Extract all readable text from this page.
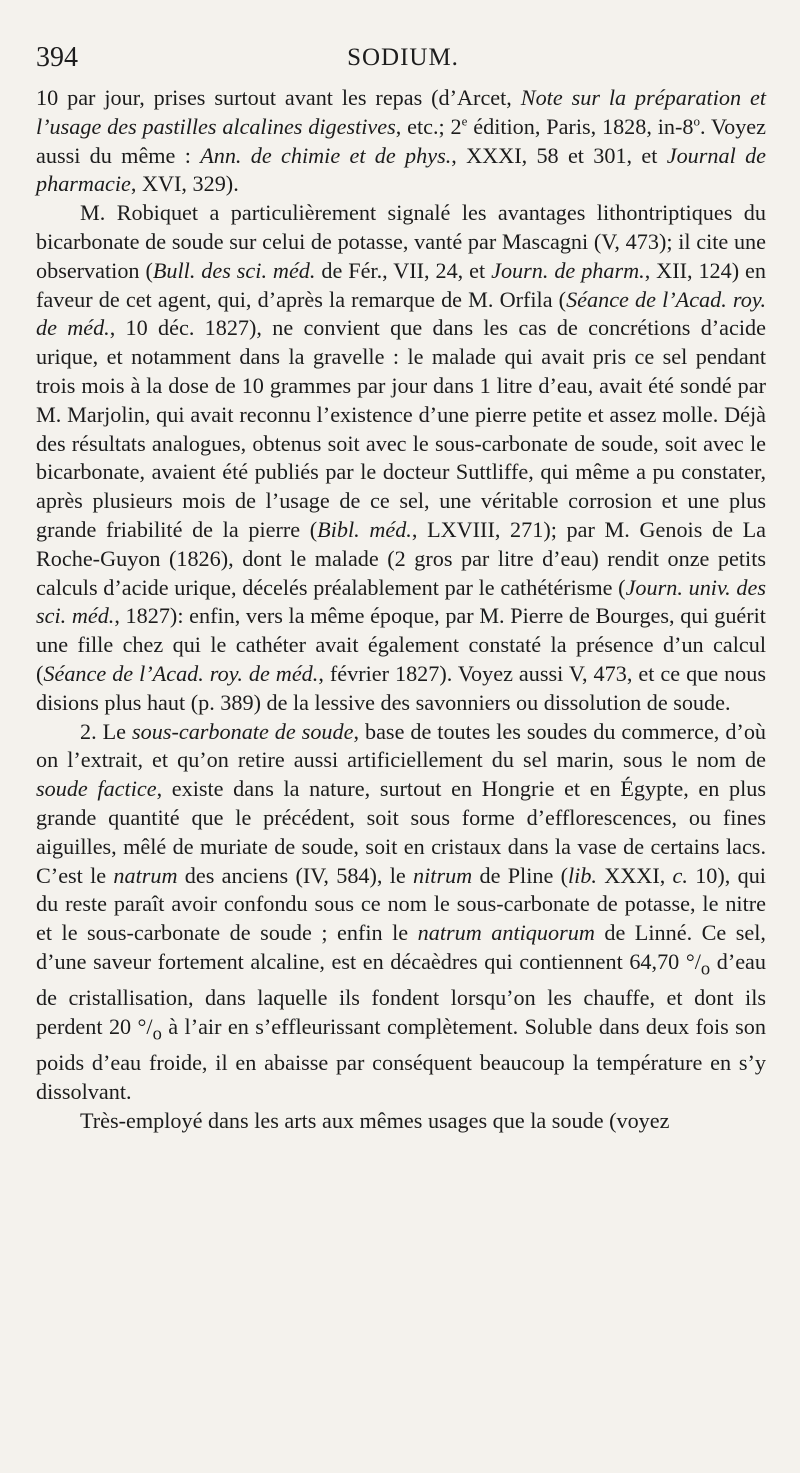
394	SODIUM.

10 par jour, prises surtout avant les repas (d’Arcet, Note sur la préparation et l’usage des pastilles alcalines digestives, etc.; 2e édition, Paris, 1828, in-8$^o$. Voyez aussi du même : Ann. de chimie et de phys., XXXI, 58 et 301, et Journal de pharmacie, XVI, 329).

M. Robiquet a particulièrement signalé les avantages lithontriptiques du bicarbonate de soude sur celui de potasse, vanté par Mascagni (V, 473); il cite une observation (Bull. des sci. méd. de Fér., VII, 24, et Journ. de pharm., XII, 124) en faveur de cet agent, qui, d’après la remarque de M. Orfila (Séance de l’Acad. roy. de méd., 10 déc. 1827), ne convient que dans les cas de concrétions d’acide urique, et notamment dans la gravelle : le malade qui avait pris ce sel pendant trois mois à la dose de 10 grammes par jour dans 1 litre d’eau, avait été sondé par M. Marjolin, qui avait reconnu l’existence d’une pierre petite et assez molle. Déjà des résultats analogues, obtenus soit avec le sous-carbonate de soude, soit avec le bicarbonate, avaient été publiés par le docteur Suttliffe, qui même a pu constater, après plusieurs mois de l’usage de ce sel, une véritable corrosion et une plus grande friabilité de la pierre (Bibl. méd., LXVIII, 271); par M. Genois de La Roche-Guyon (1826), dont le malade (2 gros par litre d’eau) rendit onze petits calculs d’acide urique, décelés préalablement par le cathétérisme (Journ. univ. des sci. méd., 1827): enfin, vers la même époque, par M. Pierre de Bourges, qui guérit une fille chez qui le cathéter avait également constaté la présence d’un calcul (Séance de l’Acad. roy. de méd., février 1827). Voyez aussi V, 473, et ce que nous disions plus haut (p. 389) de la lessive des savonniers ou dissolution de soude.

2. Le sous-carbonate de soude, base de toutes les soudes du commerce, d’où on l’extrait, et qu’on retire aussi artificiellement du sel marin, sous le nom de soude factice, existe dans la nature, surtout en Hongrie et en Égypte, en plus grande quantité que le précédent, soit sous forme d’efflorescences, ou fines aiguilles, mêlé de muriate de soude, soit en cristaux dans la vase de certains lacs. C’est le natrum des anciens (IV, 584), le nitrum de Pline (lib. XXXI, c. 10), qui du reste paraît avoir confondu sous ce nom le sous-carbonate de potasse, le nitre et le sous-carbonate de soude ; enfin le natrum antiquorum de Linné. Ce sel, d’une saveur fortement alcaline, est en décaèdres qui contiennent 64,70 $^\circ/_o$ d’eau de cristallisation, dans laquelle ils fondent lorsqu’on les chauffe, et dont ils perdent 20 $^\circ/_o$ à l’air en s’effleurissant complètement. Soluble dans deux fois son poids d’eau froide, il en abaisse par conséquent beaucoup la température en s’y dissolvant.

Très-employé dans les arts aux mêmes usages que la soude (voyez
